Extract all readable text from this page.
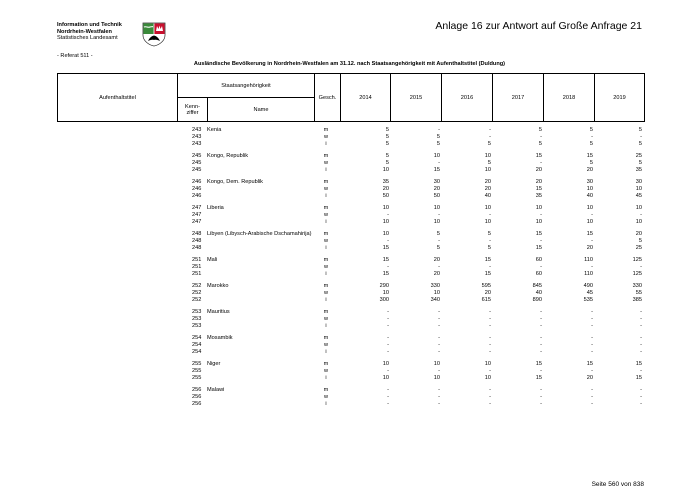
Information und Technik
Nordrhein-Westfalen
Statistisches Landesamt
Anlage 16 zur Antwort auf Große Anfrage 21
- Referat 511 -
Ausländische Bevölkerung in Nordrhein-Westfalen am 31.12. nach Staatsangehörigkeit mit Aufenthaltstitel (Duldung)
Aufenthaltstitel	Staatsangehörigkeit		Gesch.	2014	2015	2016	2017	2018	2019

	Kenn-
ziffer	Name							
243 Kenia	m	5	-	-	5	5	5
243	w	5	5	-	-	-	-
243	i	5	5	5	5	5	5
245 Kongo, Republik	m	5	10	10	15	15	25
245	w	5	-	5	-	5	5
245	i	10	15	10	20	20	35
246 Kongo, Dem. Republik	m	35	30	20	20	30	30
246	w	20	20	20	15	10	10
246	i	50	50	40	35	40	45
247 Liberia	m	10	10	10	10	10	10
247	w	-	-	-	-	-	-
247	i	10	10	10	10	10	10
248 Libyen (Libysch-Arabische Dschamahirija)	m	10	5	5	15	15	20
248	w	-	-	-	-	-	5
248	i	15	5	5	15	20	25
251 Mali	m	15	20	15	60	110	125
251	w	-	-	-	-	-	-
251	i	15	20	15	60	110	125
252 Marokko	m	290	330	595	845	490	330
252	w	10	10	20	40	45	55
252	i	300	340	615	890	535	385
253 Mauritius	m	-	-	-	-	-	-
253	w	-	-	-	-	-	-
253	i	-	-	-	-	-	-
254 Mosambik	m	-	-	-	-	-	-
254	w	-	-	-	-	-	-
254	i	-	-	-	-	-	-
255 Niger	m	10	10	10	15	15	15
255	w	-	-	-	-	-	-
255	i	10	10	10	15	20	15
256 Malawi	m	-	-	-	-	-	-
256	w	-	-	-	-	-	-
256	i	-	-	-	-	-	-
Seite 560 von 838
